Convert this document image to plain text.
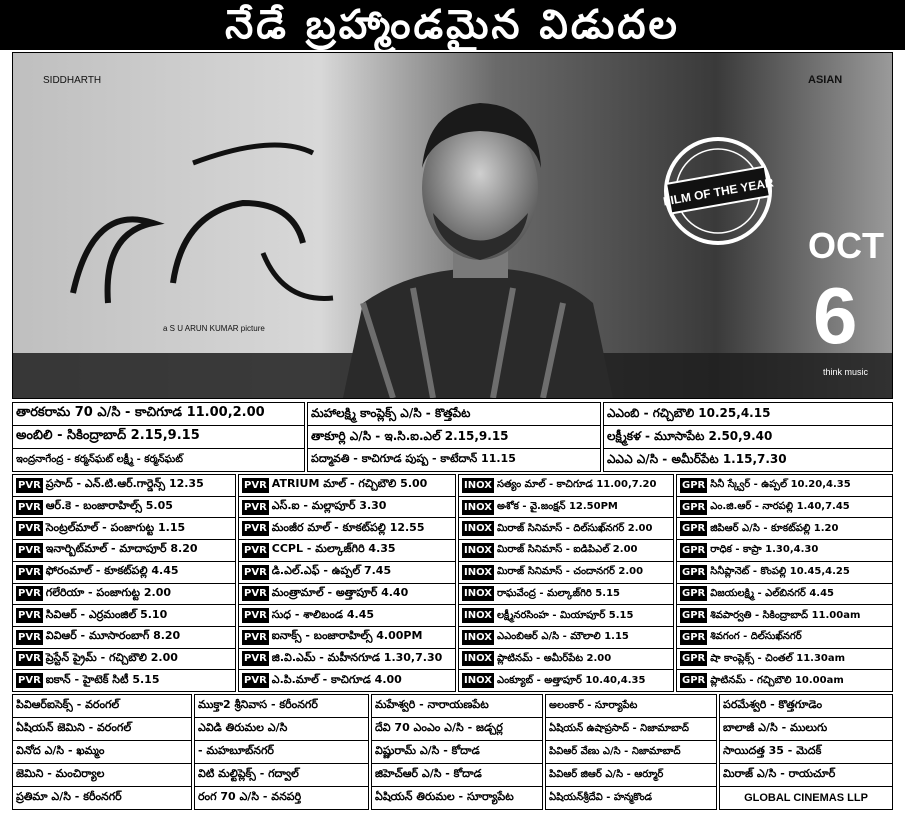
నేడే బ్రహ్మాండమైన విడుదల
FILM OF THE YEAR
SIDDHARTH
a S U ARUN KUMAR picture
ASIAN
OCT
6
think music
తారకరామ 70 ఎ/సి - కాచిగూడ 11.00,2.00
అంబిలి - సికింద్రాబాద్ 2.15,9.15
ఇంద్రనాగేంద్ర - కర్మన్‌ఘట్ లక్ష్మీ - కర్మన్‌ఘట్
మహాలక్ష్మి కాంప్లెక్స్ ఎ/సి - కొత్తపేట
తాకూర్లి ఎ/సి - ఇ.సి.ఐ.ఎల్ 2.15,9.15
పద్మావతి - కాచిగూడ పుష్ప - కాటేదాన్ 11.15
ఎఎంబి - గచ్చిబౌలి 10.25,4.15
లక్ష్మీకళ - మూసాపేట 2.50,9.40
ఎఎఎ ఎ/సి - అమీర్‌పేట 1.15,7.30
PVR ప్రసాద్ - ఎన్.టి.ఆర్.గార్డెన్స్ 12.35
PVR ఆర్.కె - బంజారాహిల్స్ 5.05
PVR సెంట్రల్‌మాల్ - పంజాగుట్ట 1.15
PVR ఇనార్బిట్‌మాల్ - మాదాపూర్ 8.20
PVR ఫోరంమాల్ - కూకట్‌పల్లి 4.45
PVR గలేరియా - పంజాగుట్ట 2.00
PVR సివిఆర్ - ఎర్రమంజిల్ 5.10
PVR వివిఆర్ - మూసారంబాగ్ 8.20
PVR ప్రెస్టేన్ ప్రైమ్ - గచ్చిబౌలి 2.00
PVR ఐకాన్ - హైటెక్ సిటీ 5.15
PVR ATRIUM మాల్ - గచ్చిబౌలి 5.00
PVR ఎస్.ఐ - మల్లాపూర్ 3.30
PVR మంజీర మాల్ - కూకట్‌పల్లి 12.55
PVR CCPL - మల్కాజ్‌గిరి 4.35
PVR డి.ఎల్.ఎఫ్ - ఉప్పల్ 7.45
PVR మంత్రామాల్ - అత్తాపూర్ 4.40
PVR సుధ - శాలిబండ 4.45
PVR ఐనాక్స్ - బంజారాహిల్స్ 4.00PM
PVR జి.వి.ఎమ్ - మహీనగూడ 1.30,7.30
PVR ఎ.పి.మాల్ - కాచిగూడ 4.00
INOX సత్యం మాల్ - కాచిగూడ 11.00,7.20
INOX అశోక - వై.జంక్షన్ 12.50PM
INOX మిరాజ్ సినిమాస్ - దిల్‌సుఖ్‌నగర్ 2.00
INOX మిరాజ్ సినిమాస్ - ఐడిపిఎల్ 2.00
INOX మిరాజ్ సినిమాస్ - చందానగర్ 2.00
INOX రాఘవేంద్ర - మల్కాజ్‌గిరి 5.15
INOX లక్ష్మీనరసింహ - మియాపూర్ 5.15
INOX ఎఎంబిఆర్ ఎ/సి - మౌలాలి 1.15
INOX ప్లాటినమ్ - అమీర్‌పేట 2.00
INOX ఎంక్యూబ్ - అత్తాపూర్ 10.40,4.35
GPR సినీ స్క్వేర్ - ఉప్పల్ 10.20,4.35
GPR ఎం.జి.ఆర్ - నారపల్లి 1.40,7.45
GPR జిపిఆర్ ఎ/సి - కూకట్‌పల్లి 1.20
GPR రాధిక - కాప్రా 1.30,4.30
GPR సినీప్లానెట్ - కొంపల్లి 10.45,4.25
GPR విజయలక్ష్మి - ఎల్‌బినగర్ 4.45
GPR శివపార్వతి - సికింద్రాబాద్ 11.00am
GPR శివగంగ - దిల్‌సుఖ్‌నగర్
GPR షా కాంప్లెక్స్ - చింతల్ 11.30am
GPR ప్లాటినమ్ - గచ్చిబౌలి 10.00am
పివిఆర్ఐసెక్స్ - వరంగల్
ఏషియన్ జెమిని - వరంగల్
వినోద ఎ/సి - ఖమ్మం
జెమిని - మంచిర్యాల
ప్రతిమా ఎ/సి - కరీంనగర్
ముక్తా2 శ్రీనివాస - కరీంనగర్
ఎవిడి తిరుమల ఎ/సి
- మహబూబ్‌నగర్
విటి మల్టిప్లెక్స్ - గద్వాల్
రంగ 70 ఎ/సి - వనపర్తి
మహేశ్వరి - నారాయణపేట
దేవి 70 ఎంఎం ఎ/సి - జడ్చర్ల
విష్ణురామ్ ఎ/సి - కోదాడ
జిహెచ్ఆర్ ఎ/సి - కోదాడ
ఏషియన్ తిరుమల - సూర్యాపేట
అలంకార్ - సూర్యాపేట
ఏషియన్ ఉషాప్రసాద్ - నిజామాబాద్
పివిఆర్ వేణు ఎ/సి - నిజామాబాద్
పివిఆర్ జిఆర్ ఎ/సి - ఆర్మూర్
ఏషియన్‌శ్రీదేవి - హన్మకొండ
పరమేశ్వరి - కొత్తగూడెం
బాలాజీ ఎ/సి - ములుగు
సాయిదత్త 35 - మెదక్
మిరాజ్ ఎ/సి - రాయచూర్
GLOBAL CINEMAS LLP
